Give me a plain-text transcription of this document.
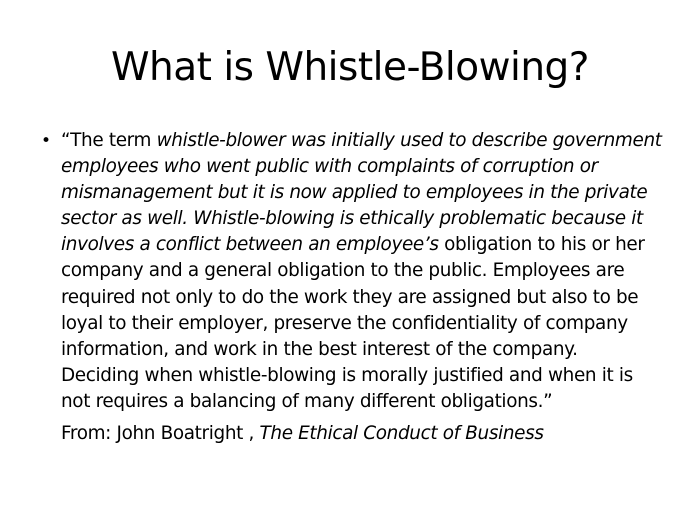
What is Whistle-Blowing?
• “The term whistle-blower was initially used to describe government
employees who went public with complaints of corruption or
mismanagement but it is now applied to employees in the private
sector as well. Whistle-blowing is ethically problematic because it
involves a conflict between an employee’s obligation to his or her
company and a general obligation to the public. Employees are
required not only to do the work they are assigned but also to be
loyal to their employer, preserve the confidentiality of company
information, and work in the best interest of the company.
Deciding when whistle-blowing is morally justified and when it is
not requires a balancing of many different obligations.”

From: John Boatright , The Ethical Conduct of Business
